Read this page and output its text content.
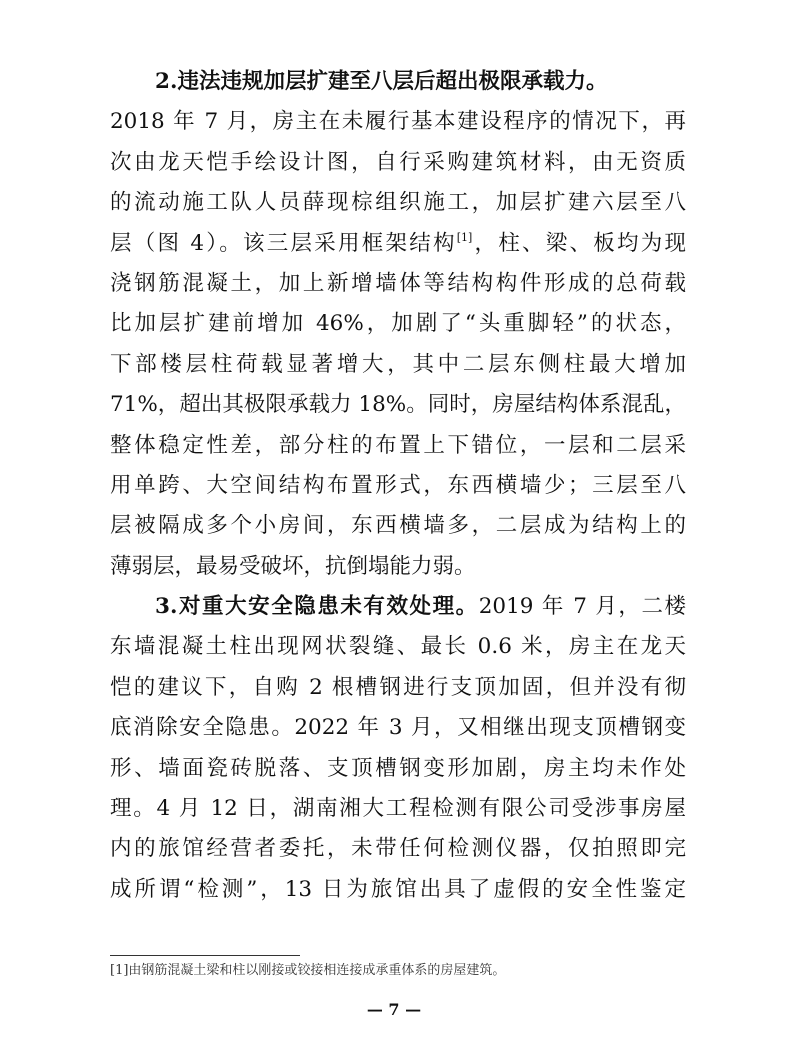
2.违法违规加层扩建至八层后超出极限承载力。
2018 年 7 月，房主在未履行基本建设程序的情况下，再
次由龙天恺手绘设计图，自行采购建筑材料，由无资质
的流动施工队人员薛现棕组织施工，加层扩建六层至八
层（图 4）。该三层采用框架结构[1]，柱、梁、板均为现
浇钢筋混凝土，加上新增墙体等结构构件形成的总荷载
比加层扩建前增加 46%，加剧了“头重脚轻”的状态，
下部楼层柱荷载显著增大，其中二层东侧柱最大增加
71%，超出其极限承载力 18%。同时，房屋结构体系混乱，
整体稳定性差，部分柱的布置上下错位，一层和二层采
用单跨、大空间结构布置形式，东西横墙少；三层至八
层被隔成多个小房间，东西横墙多，二层成为结构上的
薄弱层，最易受破坏，抗倒塌能力弱。
3.对重大安全隐患未有效处理。2019 年 7 月，二楼
东墙混凝土柱出现网状裂缝、最长 0.6 米，房主在龙天
恺的建议下，自购 2 根槽钢进行支顶加固，但并没有彻
底消除安全隐患。2022 年 3 月，又相继出现支顶槽钢变
形、墙面瓷砖脱落、支顶槽钢变形加剧，房主均未作处
理。4 月 12 日，湖南湘大工程检测有限公司受涉事房屋
内的旅馆经营者委托，未带任何检测仪器，仅拍照即完
成所谓“检测”，13 日为旅馆出具了虚假的安全性鉴定
[1]由钢筋混凝土梁和柱以刚接或铰接相连接成承重体系的房屋建筑。
— 7 —
